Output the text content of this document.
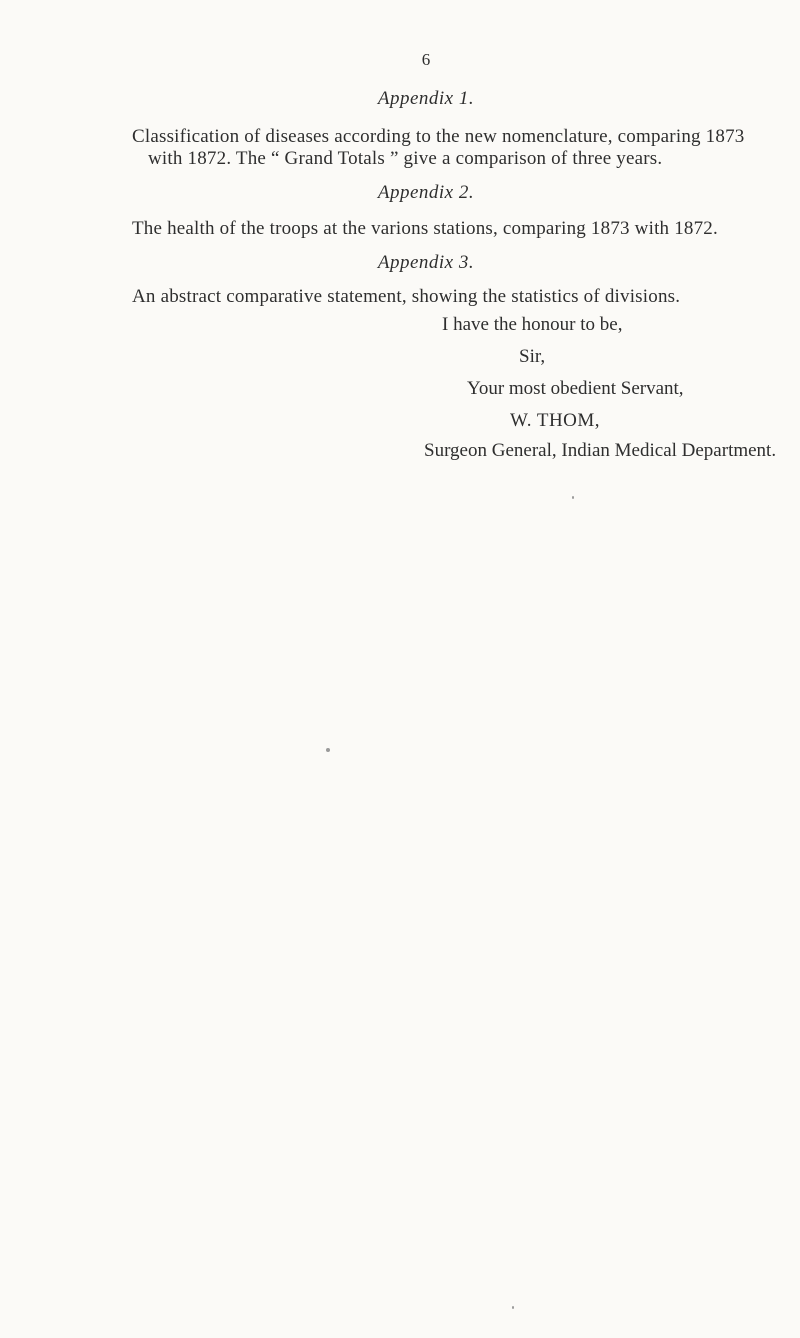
6
Appendix 1.
Classification of diseases according to the new nomenclature, comparing 1873
with 1872. The “ Grand Totals ” give a comparison of three years.
Appendix 2.
The health of the troops at the varions stations, comparing 1873 with 1872.
Appendix 3.
An abstract comparative statement, showing the statistics of divisions.
I have the honour to be,
Sir,
Your most obedient Servant,
W. THOM,
Surgeon General, Indian Medical Department.
